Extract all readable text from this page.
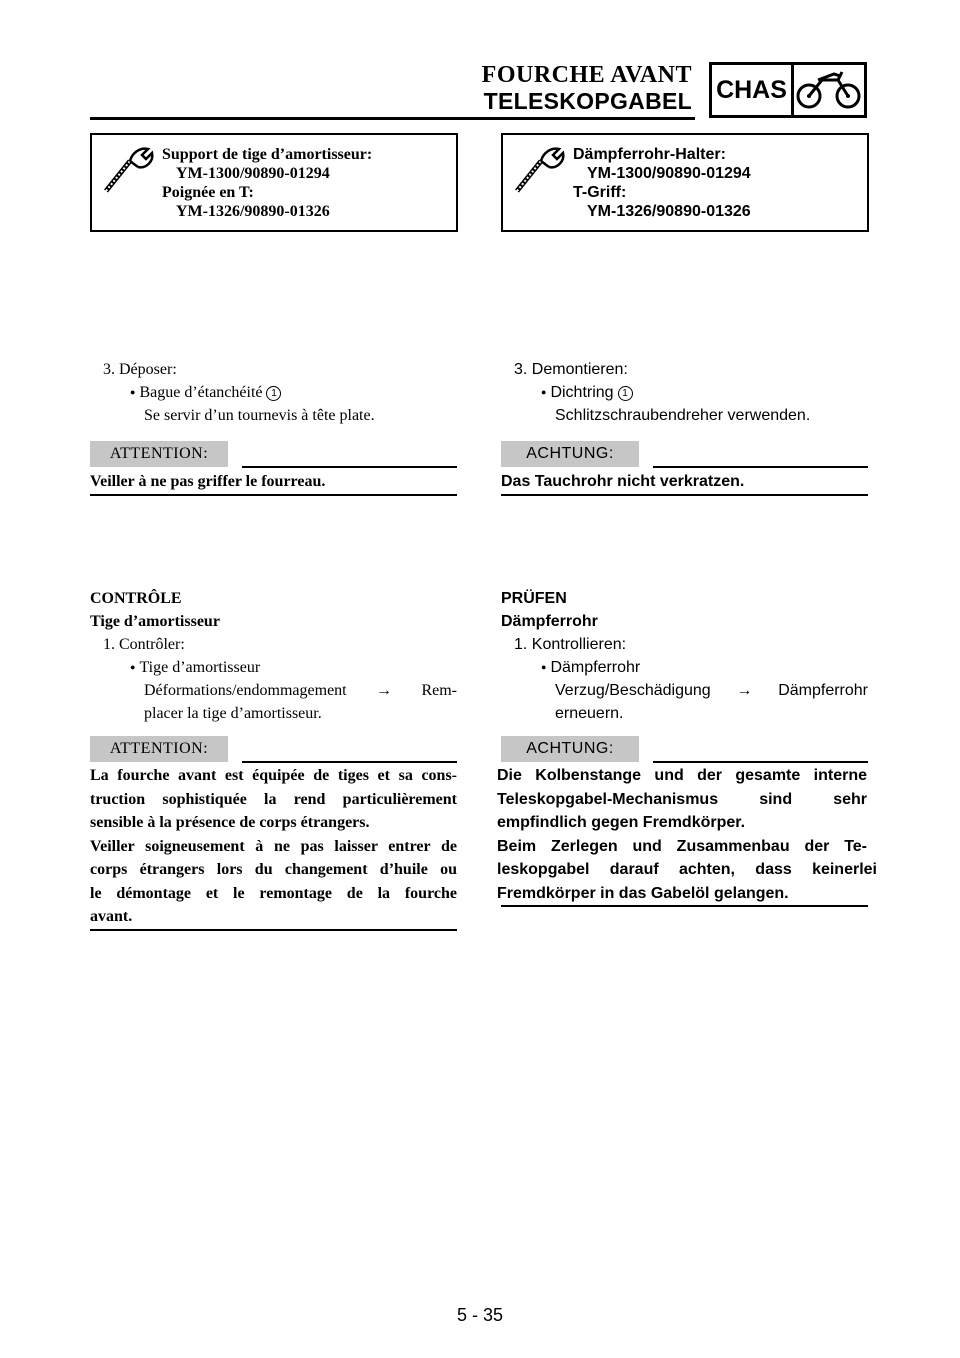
FOURCHE AVANT
TELESKOPGABEL CHAS
Support de tige d’amortisseur:
YM-1300/90890-01294
Poignée en T:
YM-1326/90890-01326
Dämpferrohr-Halter:
YM-1300/90890-01294
T-Griff:
YM-1326/90890-01326
3. Déposer:
● Bague d’étanchéité 1
Se servir d’un tournevis à tête plate.
ATTENTION:
Veiller à ne pas griffer le fourreau.
CONTRÔLE
Tige d’amortisseur
1. Contrôler:
● Tige d’amortisseur
Déformations/endommagement → Rem-
placer la tige d’amortisseur.
ATTENTION:
La fourche avant est équipée de tiges et sa cons-
truction sophistiquée la rend particulièrement
sensible à la présence de corps étrangers.
Veiller soigneusement à ne pas laisser entrer de
corps étrangers lors du changement d’huile ou
le démontage et le remontage de la fourche
avant.
3. Demontieren:
● Dichtring 1
Schlitzschraubendreher verwenden.
ACHTUNG:
Das Tauchrohr nicht verkratzen.
PRÜFEN
Dämpferrohr
1. Kontrollieren:
● Dämpferrohr
Verzug/Beschädigung → Dämpferrohr
erneuern.
ACHTUNG:
Die Kolbenstange und der gesamte interne
Teleskopgabel-Mechanismus sind sehr
empfindlich gegen Fremdkörper.
Beim Zerlegen und Zusammenbau der Te-
leskopgabel darauf achten, dass keinerlei
Fremdkörper in das Gabelöl gelangen.
5 - 35
